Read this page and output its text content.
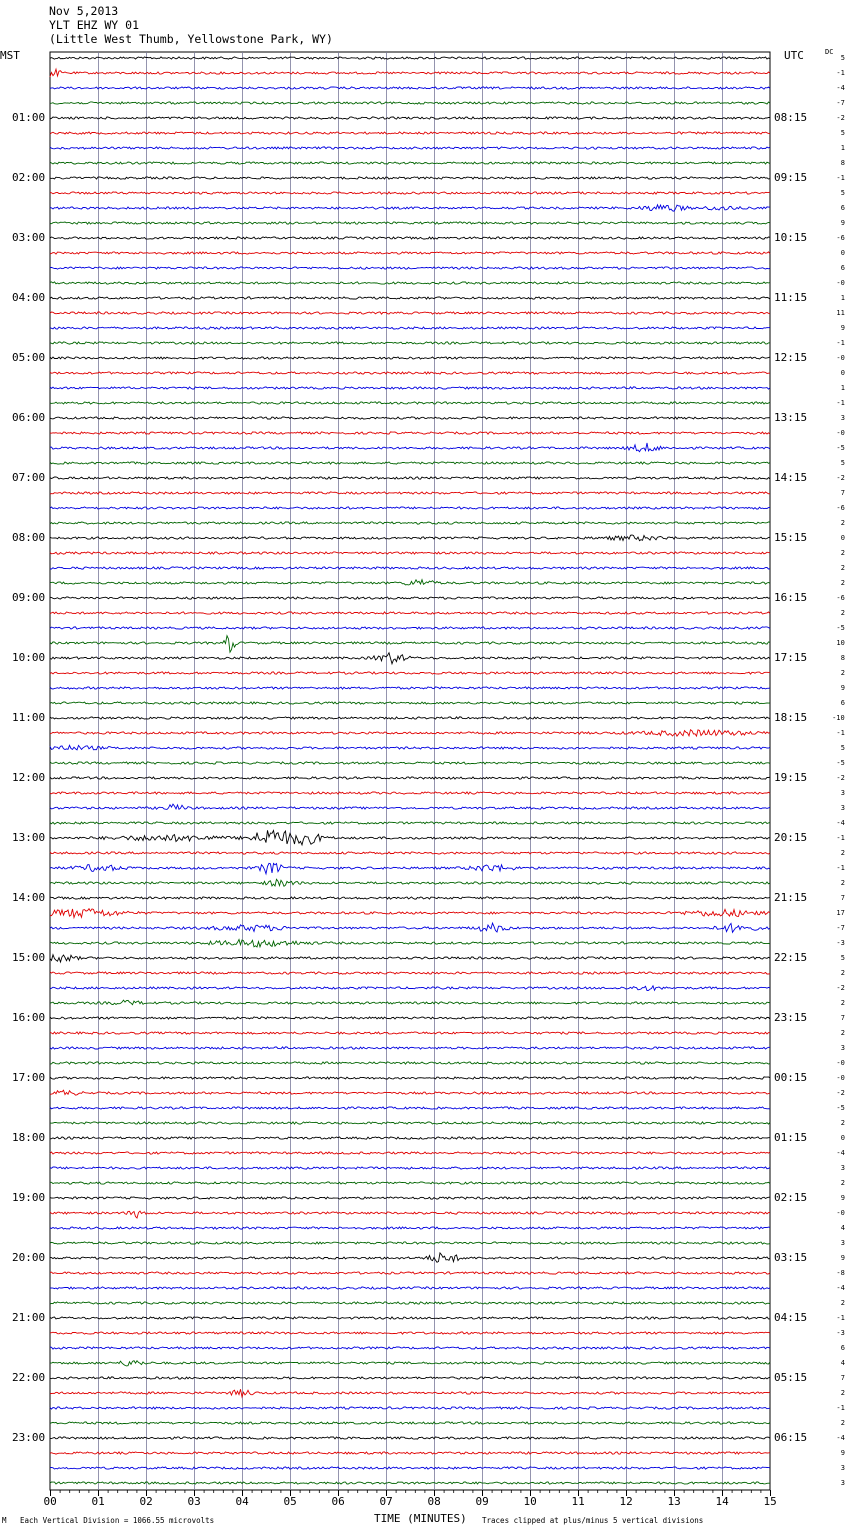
Nov 5,2013
YLT EHZ WY 01
(Little West Thumb, Yellowstone Park, WY)
MST	UTC	DC
01:00
02:00
03:00
04:00
05:00
06:00
07:00
08:00
09:00
10:00
11:00
12:00
13:00
14:00
15:00
16:00
17:00
18:00
19:00
20:00
21:00
22:00
23:00
08:15
09:15
10:15
11:15
12:15
13:15
14:15
15:15
16:15
17:15
18:15
19:15
20:15
21:15
22:15
23:15
00:15
01:15
02:15
03:15
04:15
05:15
06:15
5
-1
-4
-7
-2
5
1
8
-1
5
6
9
-6
0
6
-0
1
11
9
-1
-0
0
1
-1
3
-0
-5
5
-2
7
-6
2
0
2
2
2
-6
2
-5
10
8
2
9
6
-10
-1
5
-5
-2
3
3
-4
-1
2
-1
2
7
17
-7
-3
5
2
-2
2
7
2
3
-0
-0
-2
-5
2
0
-4
3
2
9
-0
4
3
9
-8
-4
2
-1
-3
6
4
7
2
-1
2
-4
9
3
3
00	01	02	03	04	05	06	07	08	09	10	11	12	13	14	15
M Each Vertical Division = 1066.55 microvolts	TIME (MINUTES) Traces clipped at plus/minus 5 vertical divisions
